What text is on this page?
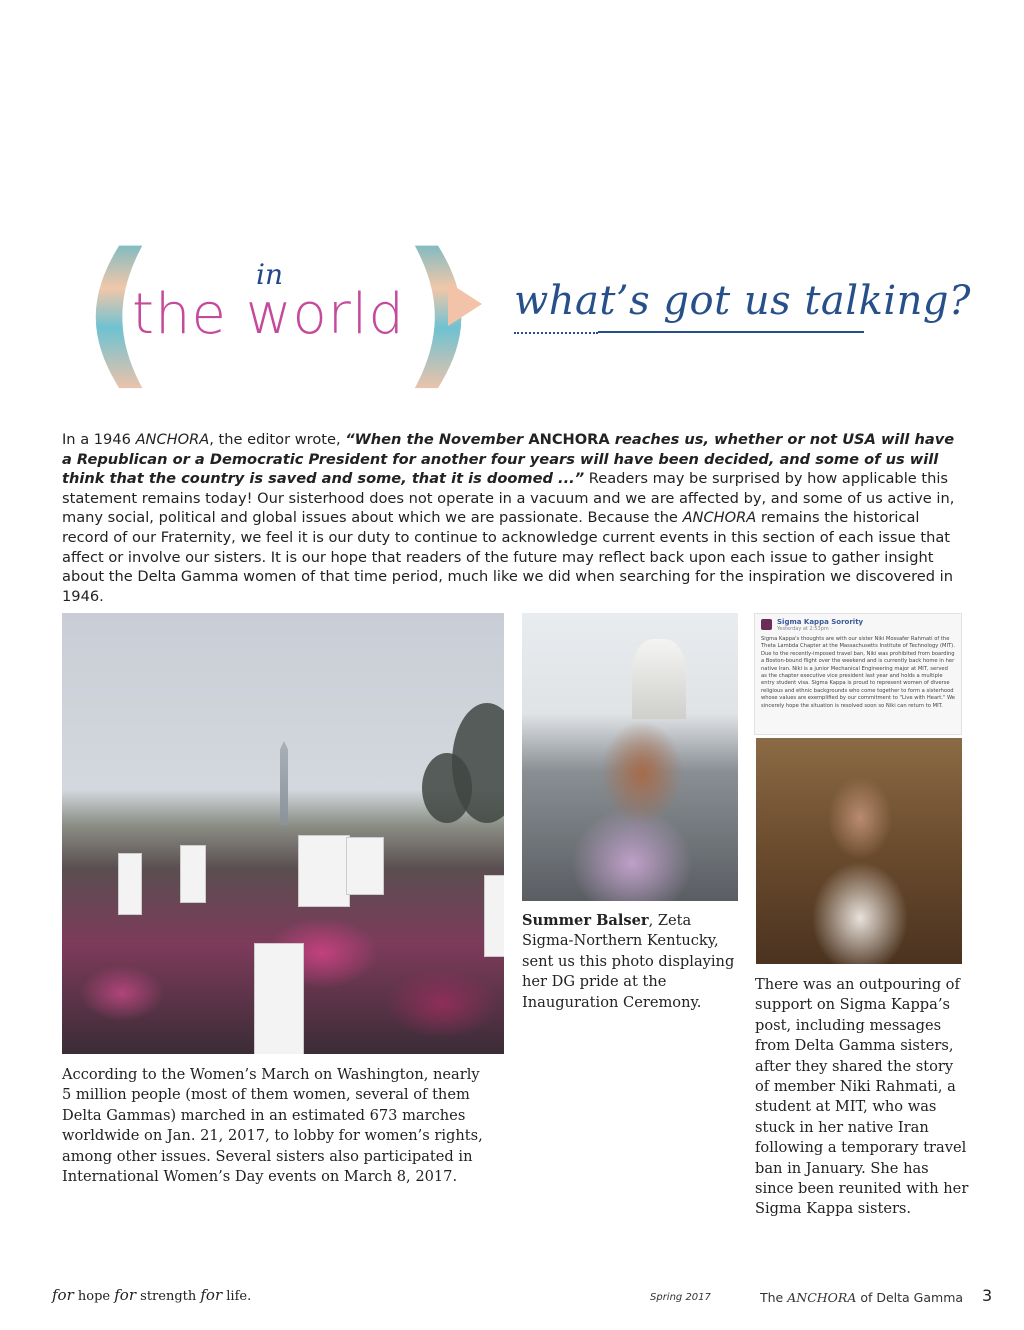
( )
in
the world	what’s got us talking?
In a 1946 ANCHORA, the editor wrote, “When the November ANCHORA reaches us, whether or not USA will have a Republican or a Democratic President for another four years will have been decided, and some of us will think that the country is saved and some, that it is doomed ...” Readers may be surprised by how applicable this statement remains today! Our sisterhood does not operate in a vacuum and we are affected by, and some of us active in, many social, political and global issues about which we are passionate. Because the ANCHORA remains the historical record of our Fraternity, we feel it is our duty to continue to acknowledge current events in this section of each issue that affect or involve our sisters. It is our hope that readers of the future may reflect back upon each issue to gather insight about the Delta Gamma women of that time period, much like we did when searching for the inspiration we discovered in 1946.
Sigma Kappa Sorority
Yesterday at 2:53pm ·
Sigma Kappa's thoughts are with our sister Niki Mossafer Rahmati of the Theta Lambda Chapter at the Massachusetts Institute of Technology (MIT). Due to the recently-imposed travel ban, Niki was prohibited from boarding a Boston-bound flight over the weekend and is currently back home in her native Iran. Niki is a junior Mechanical Engineering major at MIT, served as the chapter executive vice president last year and holds a multiple entry student visa. Sigma Kappa is proud to represent women of diverse religious and ethnic backgrounds who come together to form a sisterhood whose values are exemplified by our commitment to "Live with Heart." We sincerely hope the situation is resolved soon so Niki can return to MIT.
According to the Women’s March on Washington, nearly 5 million people (most of them women, several of them Delta Gammas) marched in an estimated 673 marches worldwide on Jan. 21, 2017, to lobby for women’s rights, among other issues. Several sisters also participated in International Women’s Day events on March 8, 2017.
Summer Balser, Zeta Sigma-Northern Kentucky, sent us this photo displaying her DG pride at the Inauguration Ceremony.
There was an outpouring of support on Sigma Kappa’s post, including messages from Delta Gamma sisters, after they shared the story of member Niki Rahmati, a student at MIT, who was stuck in her native Iran following a temporary travel ban in January. She has since been reunited with her Sigma Kappa sisters.
for hope for strength for life.	Spring 2017	The ANCHORA of Delta Gamma 3
